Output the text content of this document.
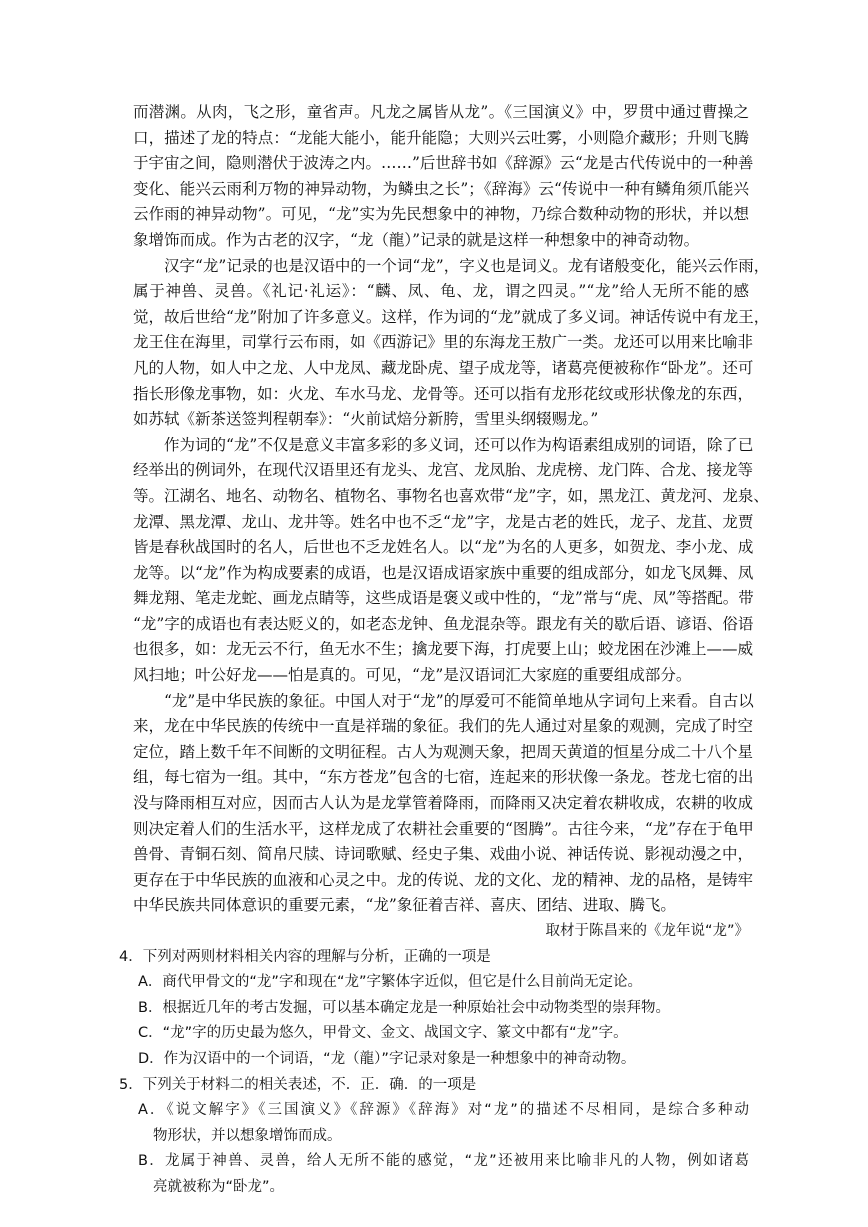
而潜渊。从肉，飞之形，童省声。凡龙之属皆从龙”。《三国演义》中，罗贯中通过曹操之
口，描述了龙的特点：“龙能大能小，能升能隐；大则兴云吐雾，小则隐介藏形；升则飞腾
于宇宙之间，隐则潜伏于波涛之内。……”后世辞书如《辞源》云“龙是古代传说中的一种善
变化、能兴云雨利万物的神异动物，为鳞虫之长”；《辞海》云“传说中一种有鳞角须爪能兴
云作雨的神异动物”。可见，“龙”实为先民想象中的神物，乃综合数种动物的形状，并以想
象增饰而成。作为古老的汉字，“龙（龍）”记录的就是这样一种想象中的神奇动物。
汉字“龙”记录的也是汉语中的一个词“龙”，字义也是词义。龙有诸般变化，能兴云作雨，
属于神兽、灵兽。《礼记·礼运》：“麟、凤、龟、龙，谓之四灵。”“龙”给人无所不能的感
觉，故后世给“龙”附加了许多意义。这样，作为词的“龙”就成了多义词。神话传说中有龙王，
龙王住在海里，司掌行云布雨，如《西游记》里的东海龙王敖广一类。龙还可以用来比喻非
凡的人物，如人中之龙、人中龙凤、藏龙卧虎、望子成龙等，诸葛亮便被称作“卧龙”。还可
指长形像龙事物，如：火龙、车水马龙、龙骨等。还可以指有龙形花纹或形状像龙的东西，
如苏轼《新茶送签判程朝奉》：“火前试焙分新胯，雪里头纲辍赐龙。”
作为词的“龙”不仅是意义丰富多彩的多义词，还可以作为构语素组成别的词语，除了已
经举出的例词外，在现代汉语里还有龙头、龙宫、龙凤胎、龙虎榜、龙门阵、合龙、接龙等
等。江湖名、地名、动物名、植物名、事物名也喜欢带“龙”字，如，黑龙江、黄龙河、龙泉、
龙潭、黑龙潭、龙山、龙井等。姓名中也不乏“龙”字，龙是古老的姓氏，龙子、龙苴、龙贾
皆是春秋战国时的名人，后世也不乏龙姓名人。以“龙”为名的人更多，如贺龙、李小龙、成
龙等。以“龙”作为构成要素的成语，也是汉语成语家族中重要的组成部分，如龙飞凤舞、凤
舞龙翔、笔走龙蛇、画龙点睛等，这些成语是褒义或中性的，“龙”常与“虎、凤”等搭配。带
“龙”字的成语也有表达贬义的，如老态龙钟、鱼龙混杂等。跟龙有关的歇后语、谚语、俗语
也很多，如：龙无云不行，鱼无水不生；擒龙要下海，打虎要上山；蛟龙困在沙滩上——威
风扫地；叶公好龙——怕是真的。可见，“龙”是汉语词汇大家庭的重要组成部分。
“龙”是中华民族的象征。中国人对于“龙”的厚爱可不能简单地从字词句上来看。自古以
来，龙在中华民族的传统中一直是祥瑞的象征。我们的先人通过对星象的观测，完成了时空
定位，踏上数千年不间断的文明征程。古人为观测天象，把周天黄道的恒星分成二十八个星
组，每七宿为一组。其中，“东方苍龙”包含的七宿，连起来的形状像一条龙。苍龙七宿的出
没与降雨相互对应，因而古人认为是龙掌管着降雨，而降雨又决定着农耕收成，农耕的收成
则决定着人们的生活水平，这样龙成了农耕社会重要的“图腾”。古往今来，“龙”存在于龟甲
兽骨、青铜石刻、简帛尺牍、诗词歌赋、经史子集、戏曲小说、神话传说、影视动漫之中，
更存在于中华民族的血液和心灵之中。龙的传说、龙的文化、龙的精神、龙的品格，是铸牢
中华民族共同体意识的重要元素，“龙”象征着吉祥、喜庆、团结、进取、腾飞。
取材于陈昌来的《龙年说“龙”》
4．下列对两则材料相关内容的理解与分析，正确的一项是
A．商代甲骨文的“龙”字和现在“龙”字繁体字近似，但它是什么目前尚无定论。
B．根据近几年的考古发掘，可以基本确定龙是一种原始社会中动物类型的崇拜物。
C．“龙”字的历史最为悠久，甲骨文、金文、战国文字、篆文中都有“龙”字。
D．作为汉语中的一个词语，“龙（龍）”字记录对象是一种想象中的神奇动物。
5．下列关于材料二的相关表述，不．正．确．的一项是
A．《说文解字》《三国演义》《辞源》《辞海》对“龙”的描述不尽相同，是综合多种动
物形状，并以想象增饰而成。
B．龙属于神兽、灵兽，给人无所不能的感觉，“龙”还被用来比喻非凡的人物，例如诸葛
亮就被称为“卧龙”。
